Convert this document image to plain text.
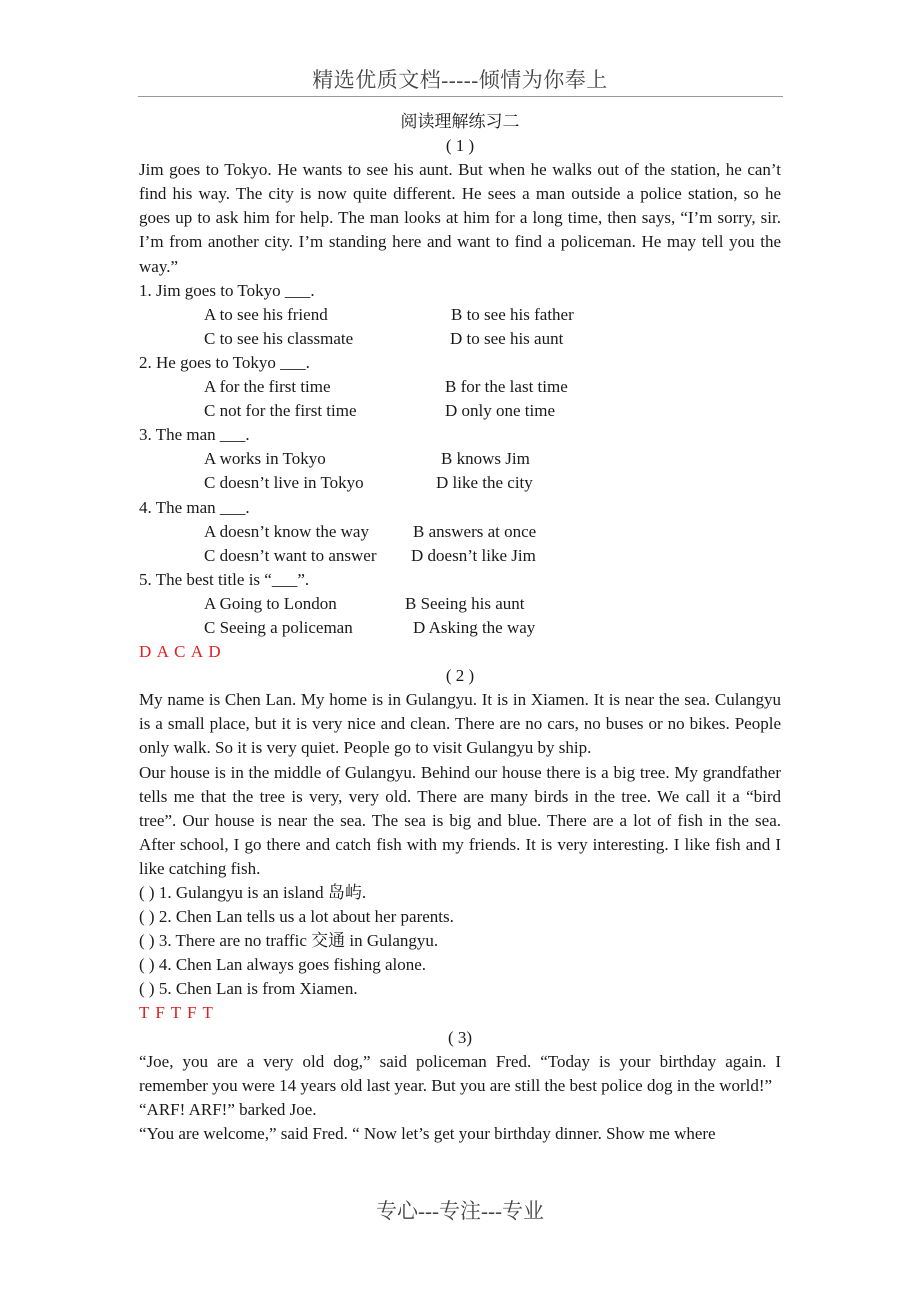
精选优质文档-----倾情为你奉上
阅读理解练习二
( 1 )
Jim goes to Tokyo. He wants to see his aunt. But when he walks out of the station, he can’t find his way. The city is now quite different. He sees a man outside a police station, so he goes up to ask him for help. The man looks at him for a long time, then says, “I’m sorry, sir. I’m from another city. I’m standing here and want to find a policeman. He may tell you the way.”
1. Jim goes to Tokyo ___.
A to see his friend	B to see his father
C to see his classmate	D to see his aunt
2. He goes to Tokyo ___.
A for the first time	B for the last time
C not for the first time	D only one time
3. The man ___.
A works in Tokyo	B knows Jim
C doesn’t live in Tokyo	D like the city
4. The man ___.
A doesn’t know the way	B answers at once
C doesn’t want to answer D doesn’t like Jim
5. The best title is “___”.
A Going to London	B Seeing his aunt
C Seeing a policeman	D Asking the way
D A C A D
( 2 )
My name is Chen Lan. My home is in Gulangyu. It is in Xiamen. It is near the sea. Culangyu is a small place, but it is very nice and clean. There are no cars, no buses or no bikes. People only walk. So it is very quiet. People go to visit Gulangyu by ship.
Our house is in the middle of Gulangyu. Behind our house there is a big tree. My grandfather tells me that the tree is very, very old. There are many birds in the tree. We call it a “bird tree”. Our house is near the sea. The sea is big and blue. There are a lot of fish in the sea. After school, I go there and catch fish with my friends. It is very interesting. I like fish and I like catching fish.
( ) 1. Gulangyu is an island 岛屿.
( ) 2. Chen Lan tells us a lot about her parents.
( ) 3. There are no traffic 交通 in Gulangyu.
( ) 4. Chen Lan always goes fishing alone.
( ) 5. Chen Lan is from Xiamen.
T F T F T
( 3)
“Joe, you are a very old dog,” said policeman Fred. “Today is your birthday again. I remember you were 14 years old last year. But you are still the best police dog in the world!”
“ARF! ARF!” barked Joe.
“You are welcome,” said Fred. “ Now let’s get your birthday dinner. Show me where
专心---专注---专业
